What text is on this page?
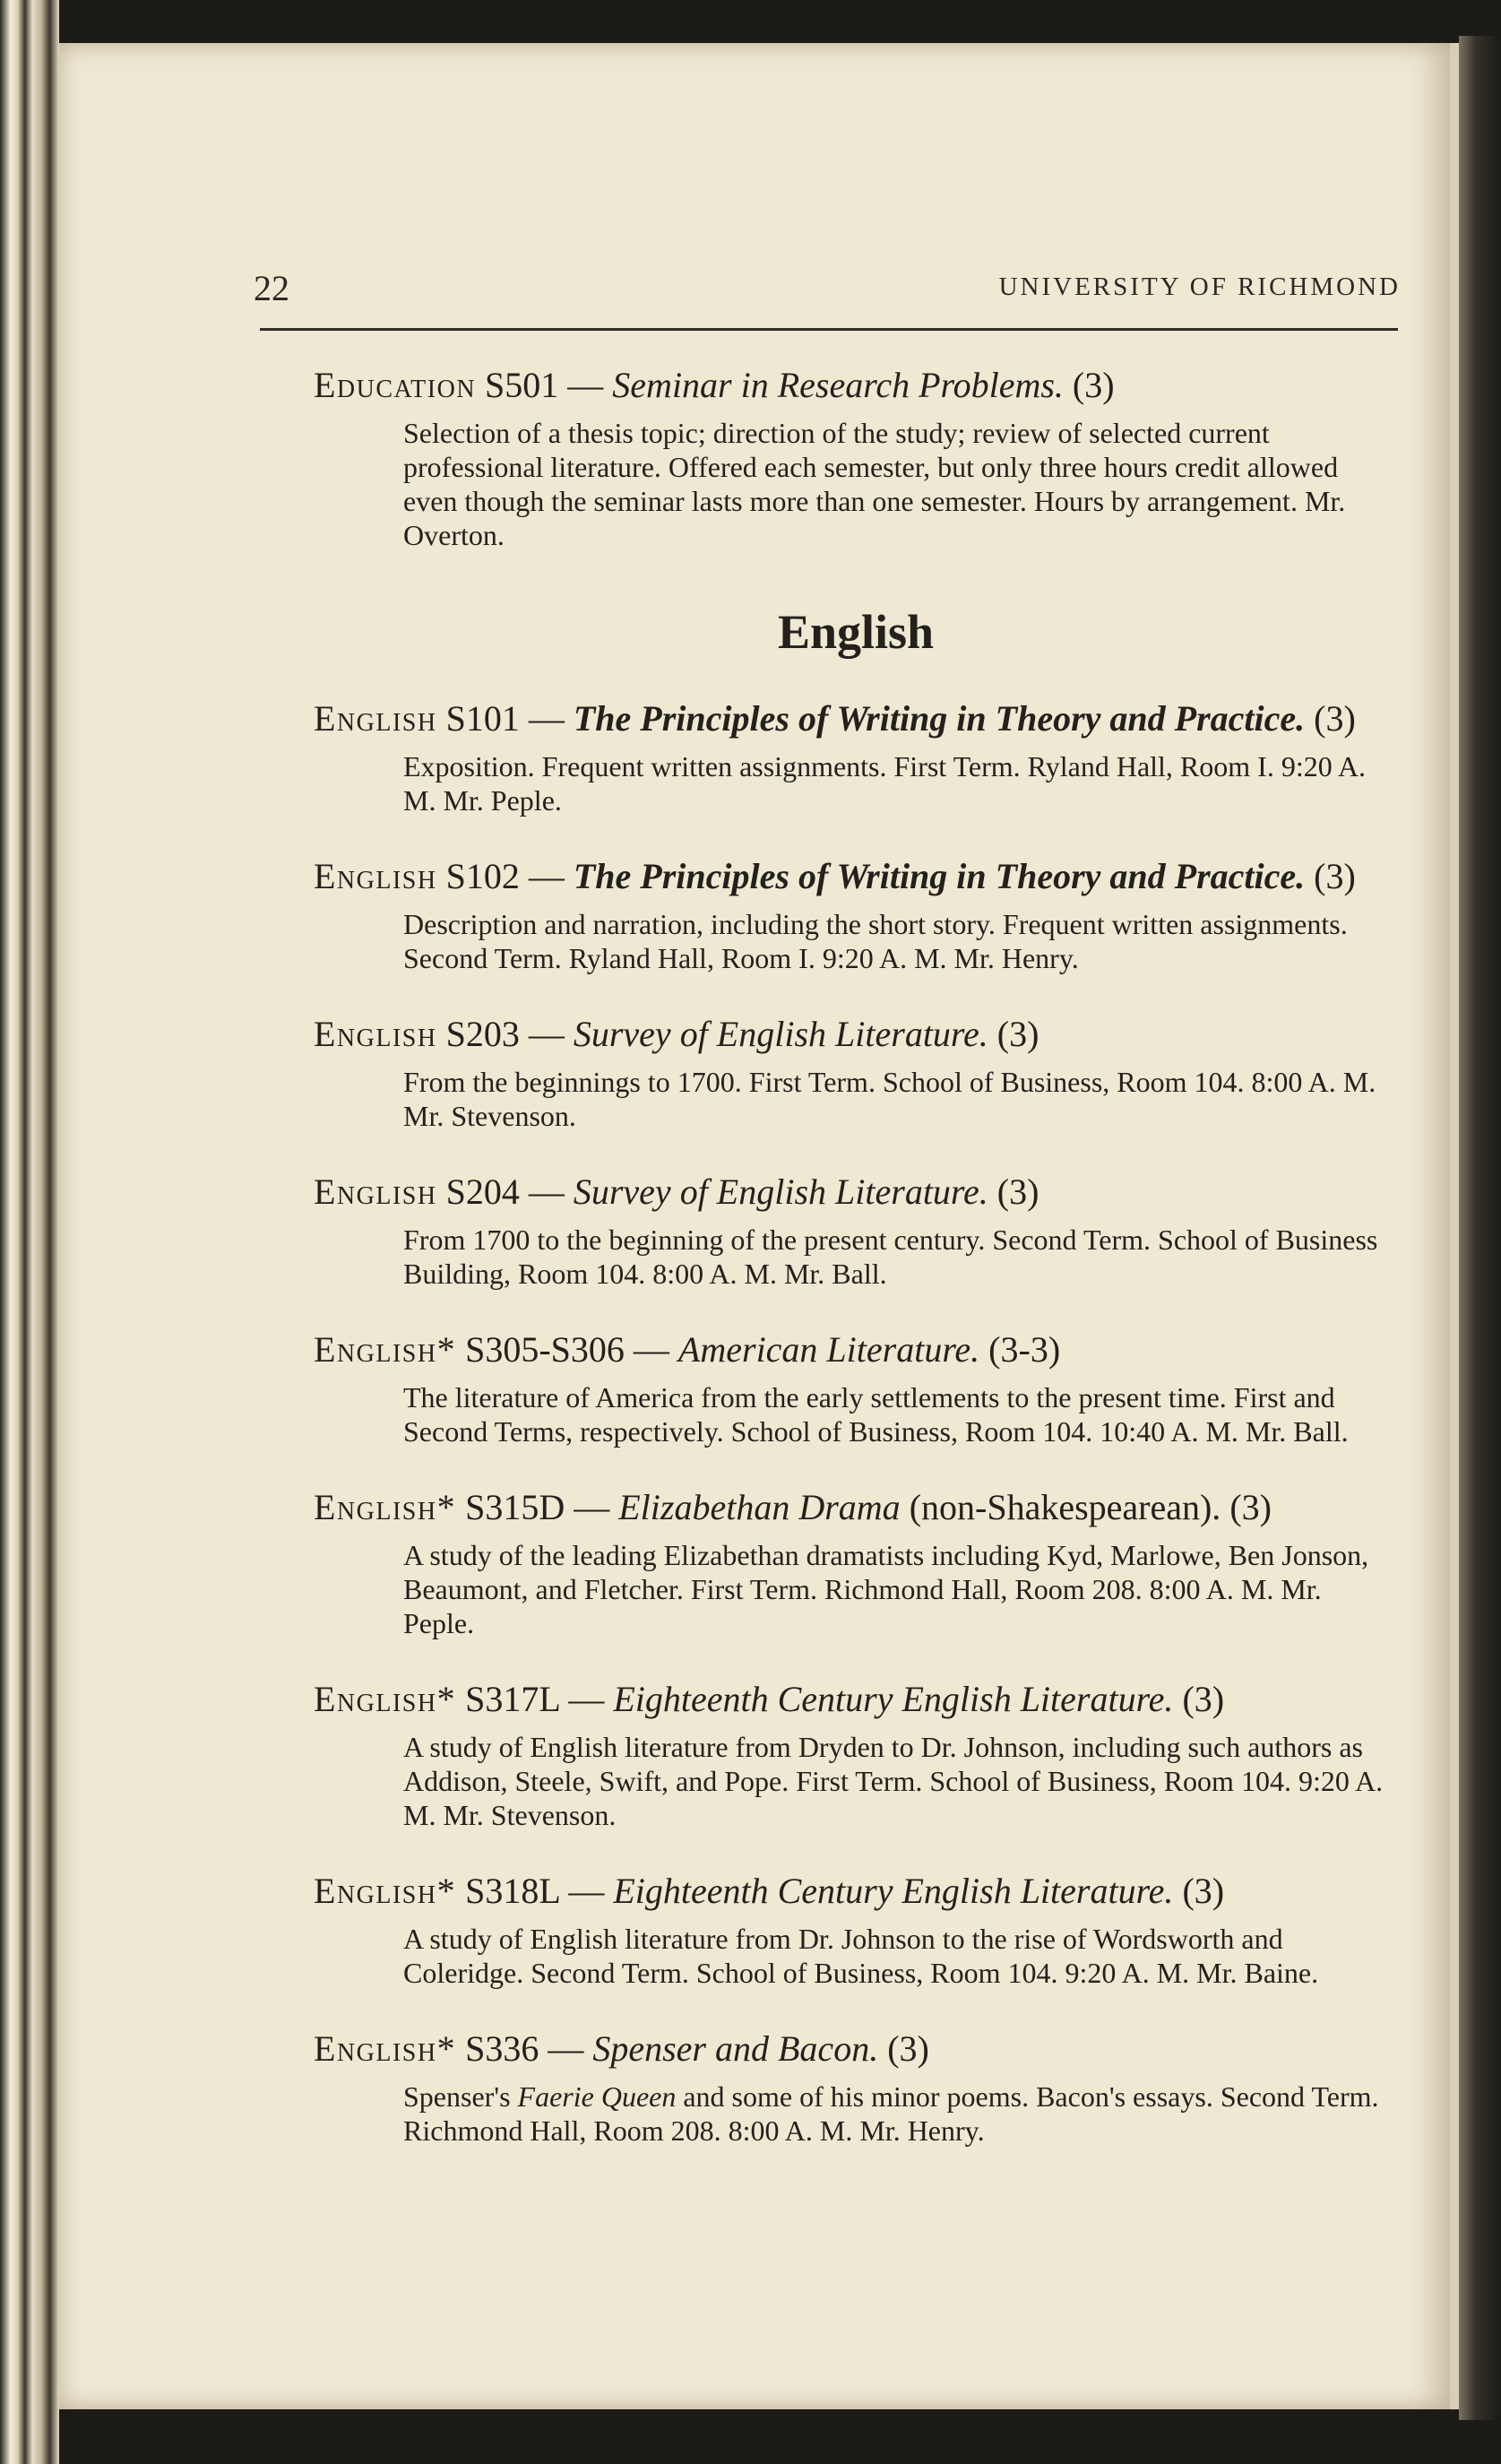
22	UNIVERSITY OF RICHMOND
Education S501 — Seminar in Research Problems. (3)

Selection of a thesis topic; direction of the study; review of selected current professional literature. Offered each semester, but only three hours credit allowed even though the seminar lasts more than one semester. Hours by arrangement. Mr. Overton.

English
English S101 — The Principles of Writing in Theory and Practice. (3)

Exposition. Frequent written assignments. First Term. Ryland Hall, Room I. 9:20 A. M. Mr. Peple.

English S102 — The Principles of Writing in Theory and Practice. (3)

Description and narration, including the short story. Frequent written assignments. Second Term. Ryland Hall, Room I. 9:20 A. M. Mr. Henry.

English S203 — Survey of English Literature. (3)

From the beginnings to 1700. First Term. School of Business, Room 104. 8:00 A. M. Mr. Stevenson.

English S204 — Survey of English Literature. (3)

From 1700 to the beginning of the present century. Second Term. School of Business Building, Room 104. 8:00 A. M. Mr. Ball.

English* S305-S306 — American Literature. (3-3)

The literature of America from the early settlements to the present time. First and Second Terms, respectively. School of Business, Room 104. 10:40 A. M. Mr. Ball.

English* S315D — Elizabethan Drama (non-Shakespearean). (3)

A study of the leading Elizabethan dramatists including Kyd, Marlowe, Ben Jonson, Beaumont, and Fletcher. First Term. Richmond Hall, Room 208. 8:00 A. M. Mr. Peple.

English* S317L — Eighteenth Century English Literature. (3)

A study of English literature from Dryden to Dr. Johnson, including such authors as Addison, Steele, Swift, and Pope. First Term. School of Business, Room 104. 9:20 A. M. Mr. Stevenson.

English* S318L — Eighteenth Century English Literature. (3)

A study of English literature from Dr. Johnson to the rise of Wordsworth and Coleridge. Second Term. School of Business, Room 104. 9:20 A. M. Mr. Baine.

English* S336 — Spenser and Bacon. (3)

Spenser's Faerie Queen and some of his minor poems. Bacon's essays. Second Term. Richmond Hall, Room 208. 8:00 A. M. Mr. Henry.
